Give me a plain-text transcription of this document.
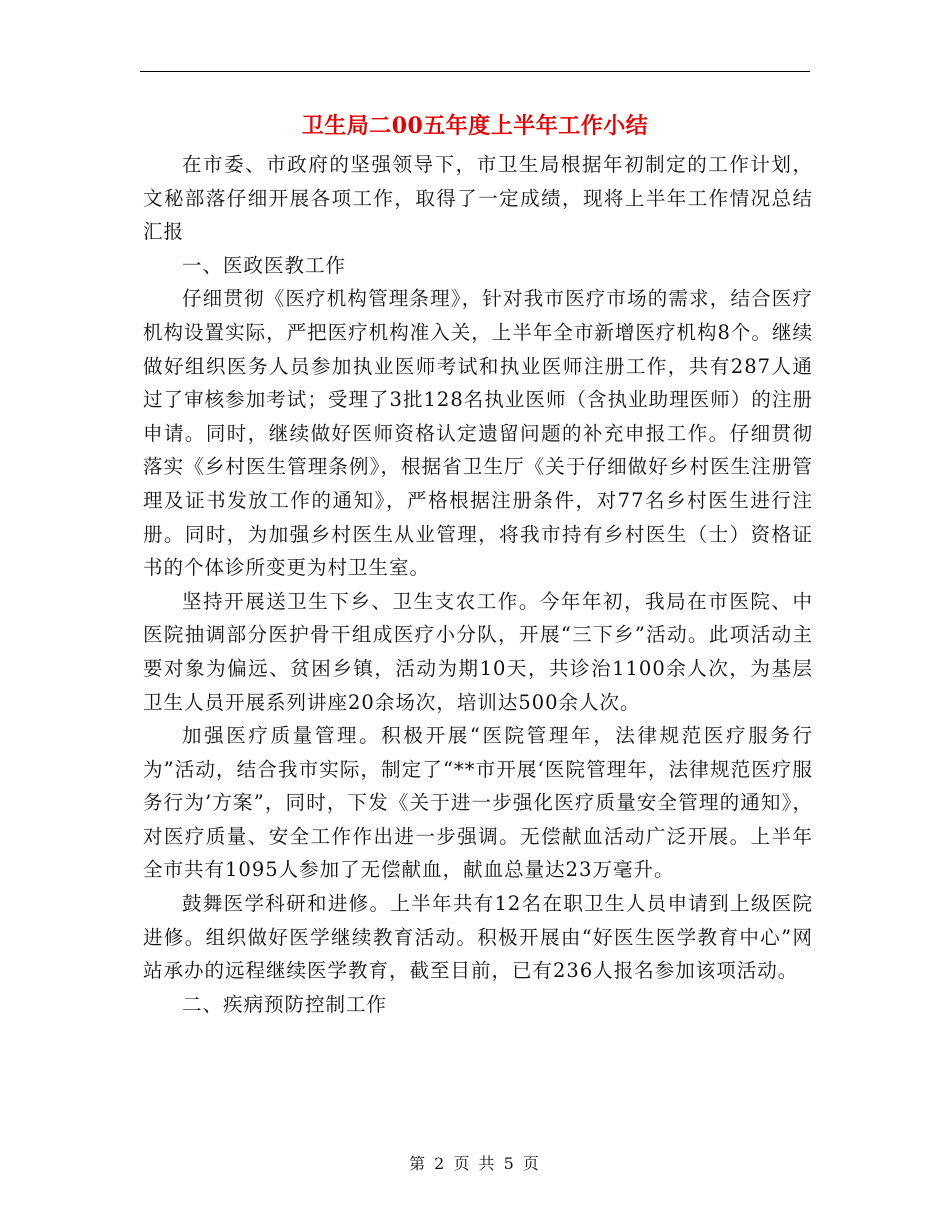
卫生局二00五年度上半年工作小结

在市委、市政府的坚强领导下，市卫生局根据年初制定的工作计划，文秘部落仔细开展各项工作，取得了一定成绩，现将上半年工作情况总结汇报

一、医政医教工作

仔细贯彻《医疗机构管理条理》，针对我市医疗市场的需求，结合医疗机构设置实际，严把医疗机构准入关，上半年全市新增医疗机构8个。继续做好组织医务人员参加执业医师考试和执业医师注册工作，共有287人通过了审核参加考试；受理了3批128名执业医师（含执业助理医师）的注册申请。同时，继续做好医师资格认定遗留问题的补充申报工作。仔细贯彻落实《乡村医生管理条例》，根据省卫生厅《关于仔细做好乡村医生注册管理及证书发放工作的通知》，严格根据注册条件，对77名乡村医生进行注册。同时，为加强乡村医生从业管理，将我市持有乡村医生（士）资格证书的个体诊所变更为村卫生室。

坚持开展送卫生下乡、卫生支农工作。今年年初，我局在市医院、中医院抽调部分医护骨干组成医疗小分队，开展“三下乡”活动。此项活动主要对象为偏远、贫困乡镇，活动为期10天，共诊治1100余人次，为基层卫生人员开展系列讲座20余场次，培训达500余人次。

加强医疗质量管理。积极开展“医院管理年，法律规范医疗服务行为”活动，结合我市实际，制定了“**市开展‘医院管理年，法律规范医疗服务行为’方案”，同时，下发《关于进一步强化医疗质量安全管理的通知》，对医疗质量、安全工作作出进一步强调。无偿献血活动广泛开展。上半年全市共有1095人参加了无偿献血，献血总量达23万毫升。

鼓舞医学科研和进修。上半年共有12名在职卫生人员申请到上级医院进修。组织做好医学继续教育活动。积极开展由“好医生医学教育中心”网站承办的远程继续医学教育，截至目前，已有236人报名参加该项活动。

二、疾病预防控制工作

第 2 页 共 5 页
